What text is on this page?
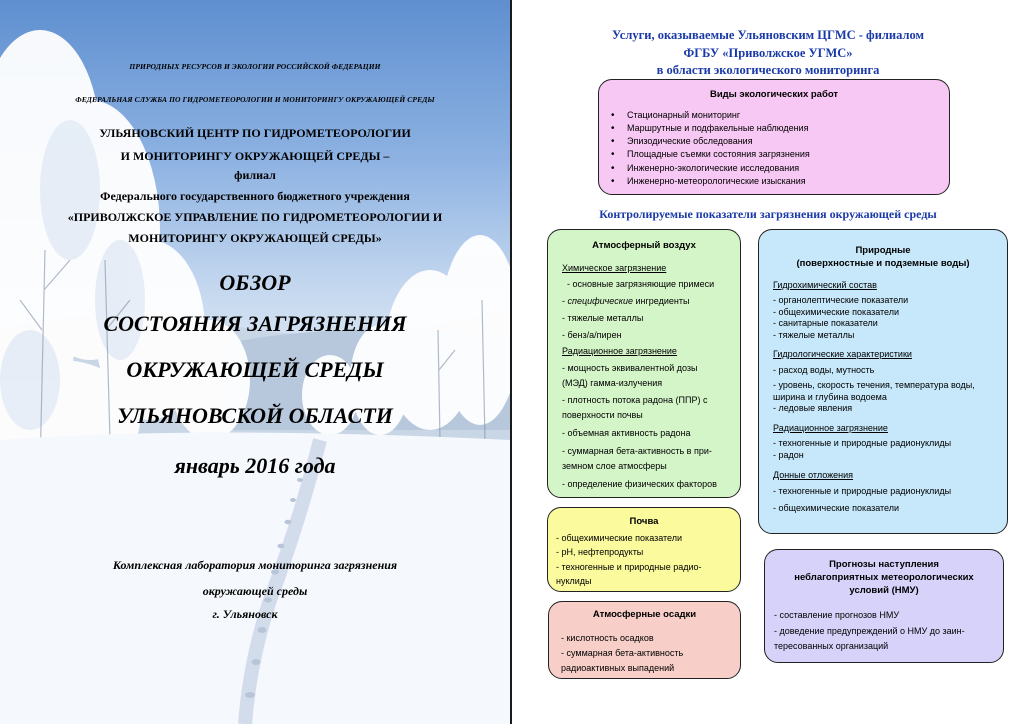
ПРИРОДНЫХ РЕСУРСОВ И ЭКОЛОГИИ РОССИЙСКОЙ ФЕДЕРАЦИИ
ФЕДЕРАЛЬНАЯ СЛУЖБА ПО ГИДРОМЕТЕОРОЛОГИИ И МОНИТОРИНГУ ОКРУЖАЮЩЕЙ СРЕДЫ
УЛЬЯНОВСКИЙ ЦЕНТР ПО ГИДРОМЕТЕОРОЛОГИИ
И МОНИТОРИНГУ ОКРУЖАЮЩЕЙ СРЕДЫ –
филиал
Федерального государственного бюджетного учреждения
«ПРИВОЛЖСКОЕ УПРАВЛЕНИЕ ПО ГИДРОМЕТЕОРОЛОГИИ И
МОНИТОРИНГУ ОКРУЖАЮЩЕЙ СРЕДЫ»
ОБЗОР
СОСТОЯНИЯ ЗАГРЯЗНЕНИЯ
ОКРУЖАЮЩЕЙ СРЕДЫ
УЛЬЯНОВСКОЙ ОБЛАСТИ
январь 2016 года
Комплексная лаборатория мониторинга загрязнения
окружающей среды
г. Ульяновск
Услуги, оказываемые Ульяновским ЦГМС - филиалом
ФГБУ «Приволжское УГМС»
в области экологического мониторинга
Виды экологических работ
• Стационарный мониторинг
• Маршрутные и подфакельные наблюдения
• Эпизодические обследования
• Площадные съемки состояния загрязнения
• Инженерно-экологические исследования
• Инженерно-метеорологические изыскания
Контролируемые показатели загрязнения окружающей среды
Атмосферный воздух
Химическое загрязнение
- основные загрязняющие примеси
- специфические ингредиенты
- тяжелые металлы
- бенз/а/пирен
Радиационное загрязнение
- мощность эквивалентной дозы
(МЭД) гамма-излучения
- плотность потока радона (ППР) с
поверхности почвы
- объемная активность радона
- суммарная бета-активность в при-
земном слое атмосферы
- определение физических факторов
Природные
(поверхностные и подземные воды)
Гидрохимический состав
- органолептические показатели
- общехимические показатели
- санитарные показатели
- тяжелые металлы
Гидрологические характеристики
- расход воды, мутность
- уровень, скорость течения, температура воды,
ширина и глубина водоема
- ледовые явления
Радиационное загрязнение
- техногенные и природные радионуклиды
- радон
Донные отложения
- техногенные и природные радионуклиды
- общехимические показатели
Почва
- общехимические показатели
- pH, нефтепродукты
- техногенные и природные радио-
нуклиды
Атмосферные осадки
- кислотность осадков
- суммарная бета-активность
радиоактивных выпадений
Прогнозы наступления
неблагоприятных метеорологических
условий (НМУ)
- составление прогнозов НМУ
- доведение предупреждений о НМУ до заин-
тересованных организаций
